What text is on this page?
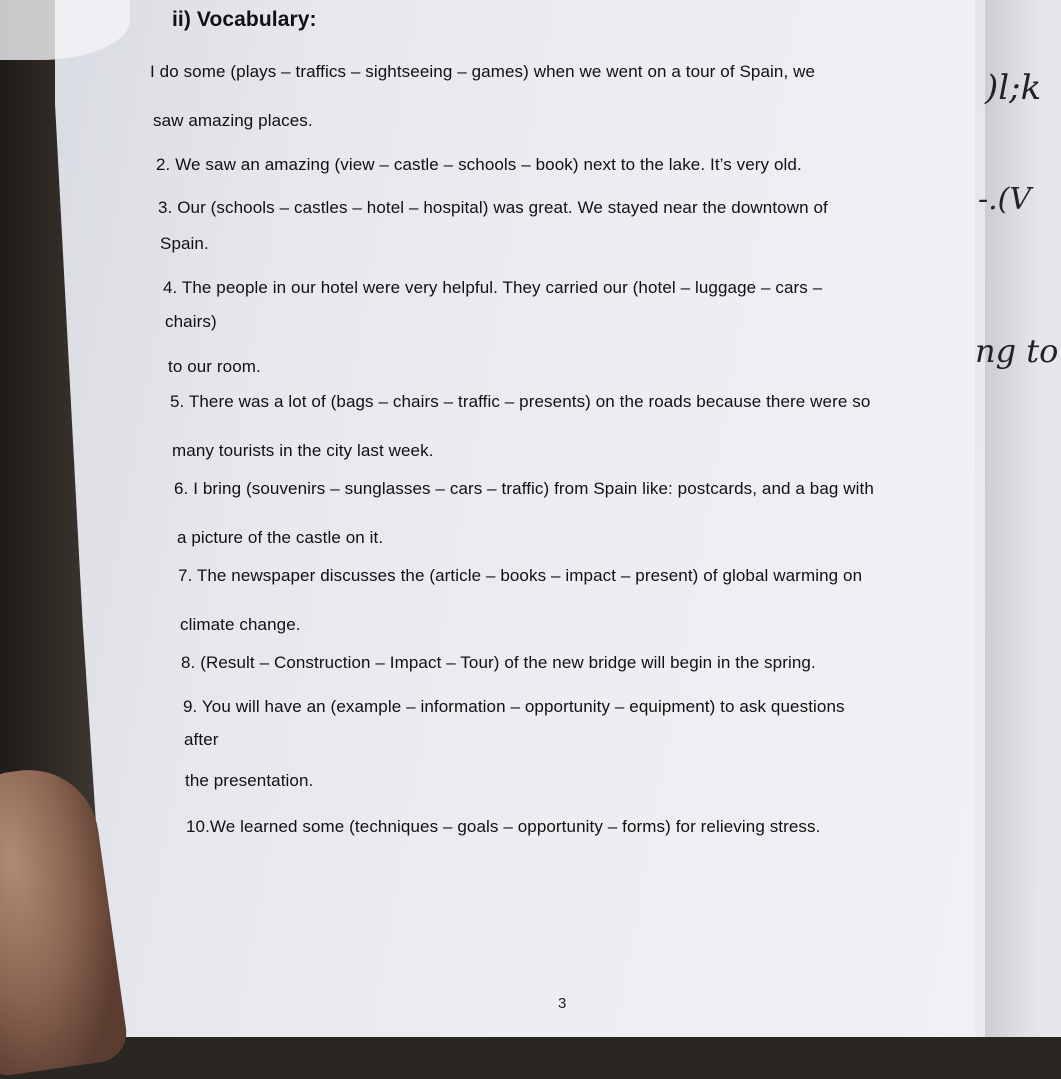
)l;k
-.(V
ng to
ii) Vocabulary:
I do some (plays – traffics – sightseeing – games) when we went on a tour of Spain, we
saw amazing places.
2. We saw an amazing (view – castle – schools – book) next to the lake. It’s very old.
3. Our (schools – castles – hotel – hospital) was great. We stayed near the downtown of
Spain.
4. The people in our hotel were very helpful. They carried our (hotel – luggage – cars –
chairs)
to our room.
5. There was a lot of (bags – chairs – traffic – presents) on the roads because there were so
many tourists in the city last week.
6. I bring (souvenirs – sunglasses – cars – traffic) from Spain like: postcards, and a bag with
a picture of the castle on it.
7. The newspaper discusses the (article – books – impact – present) of global warming on
climate change.
8. (Result – Construction – Impact – Tour) of the new bridge will begin in the spring.
9. You will have an (example – information – opportunity – equipment) to ask questions
after
the presentation.
10.We learned some (techniques – goals – opportunity – forms) for relieving stress.
3
